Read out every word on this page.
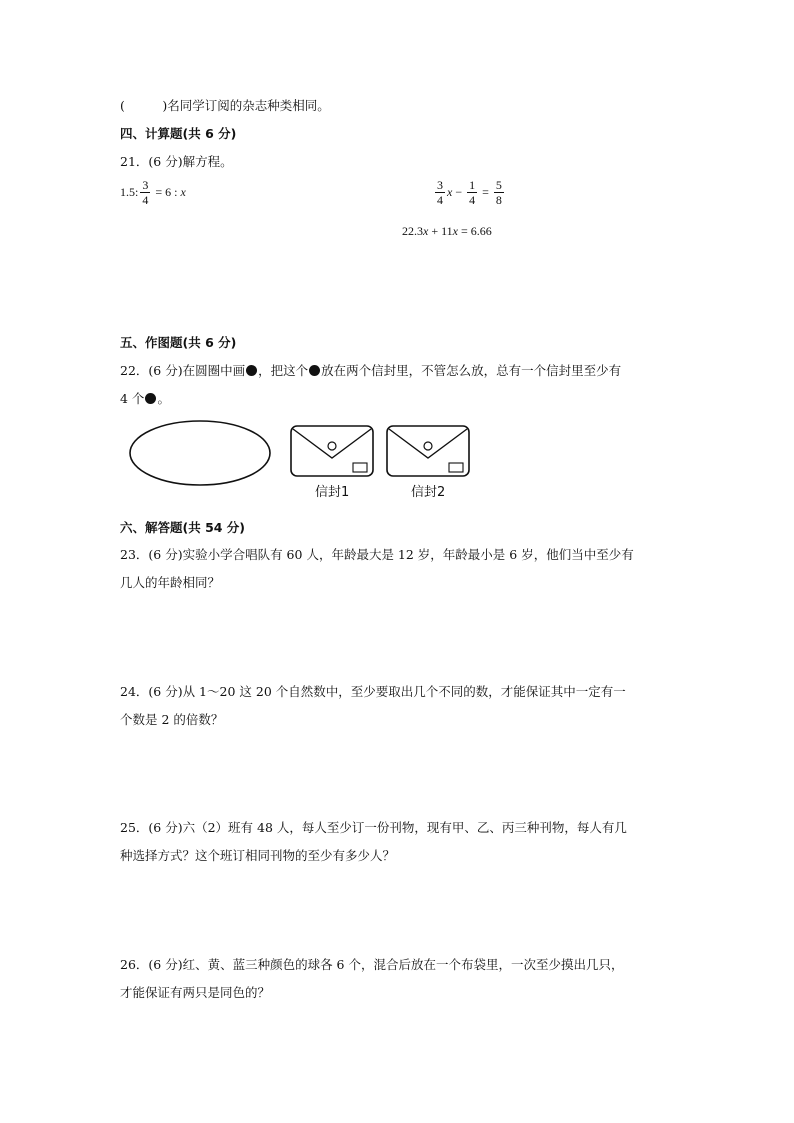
(　　　)名同学订阅的杂志种类相同。
四、计算题(共 6 分)
21．(6 分)解方程。
1.5 : $\frac{3}{4} = 6$ : x	$\frac{3}{4}$ $x - \frac{1}{4} = \frac{5}{8}$
22.3 x + 11 x = 6.66
五、作图题(共 6 分)
22．(6 分)在圆圈中画 ，把这个 放在两个信封里，不管怎么放，总有一个信封里至少有
4 个 。
信封1	信封2
六、解答题(共 54 分)
23．(6 分)实验小学合唱队有 60 人，年龄最大是 12 岁，年龄最小是 6 岁，他们当中至少有
几人的年龄相同？
24．(6 分)从 1～20 这 20 个自然数中，至少要取出几个不同的数，才能保证其中一定有一
个数是 2 的倍数？
25．(6 分)六（2）班有 48 人，每人至少订一份刊物，现有甲、乙、丙三种刊物，每人有几
种选择方式？这个班订相同刊物的至少有多少人？
26．(6 分)红、黄、蓝三种颜色的球各 6 个，混合后放在一个布袋里，一次至少摸出几只，
才能保证有两只是同色的？
